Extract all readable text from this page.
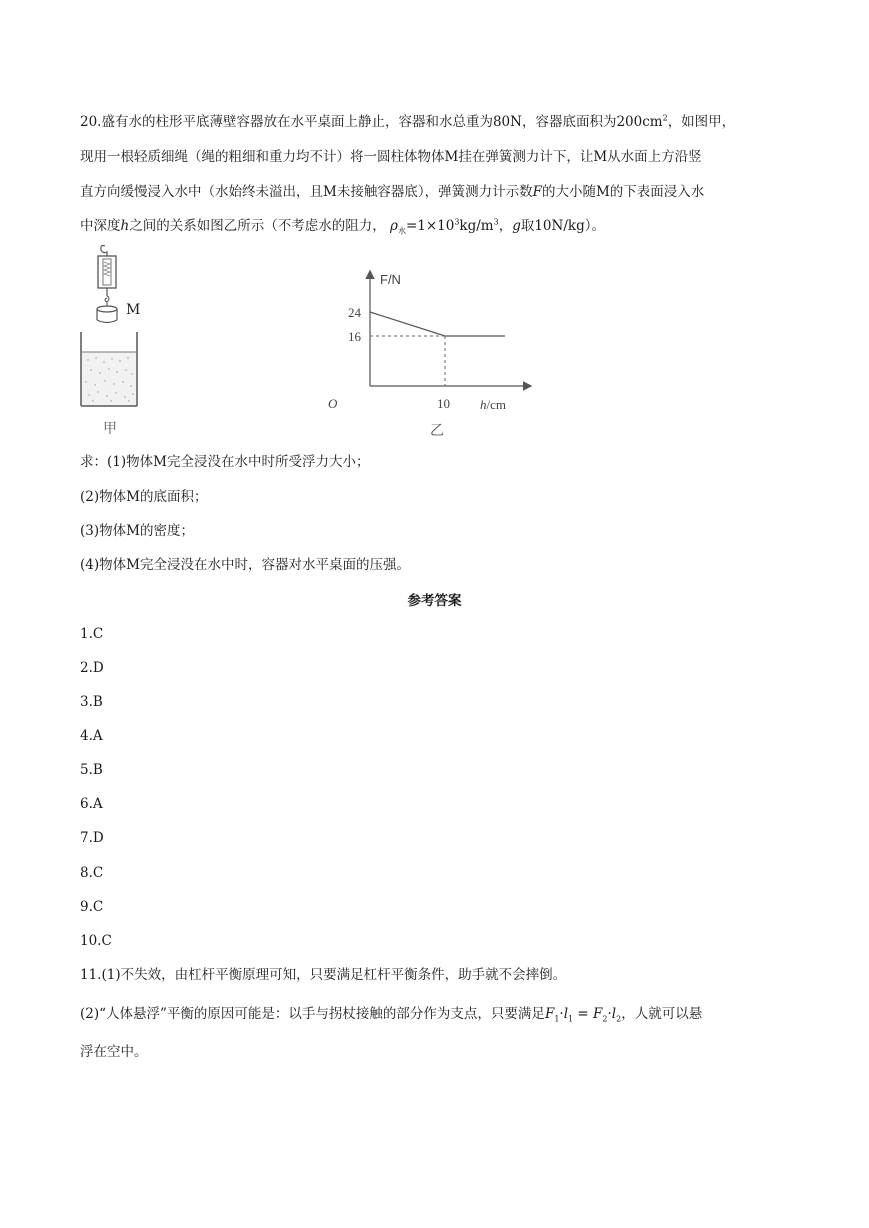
20.盛有水的柱形平底薄壁容器放在水平桌面上静止，容器和水总重为80N，容器底面积为$200cm^2$，如图甲，
现用一根轻质细绳（绳的粗细和重力均不计）将一圆柱体物体M挂在弹簧测力计下，让M从水面上方沿竖
直方向缓慢浸入水中（水始终未溢出，且M未接触容器底），弹簧测力计示数F的大小随M的下表面浸入水
中深度h之间的关系如图乙所示（不考虑水的阻力， $\rho_水=1\times 10^3kg/m^3$，g取10N/kg）。
M
甲
24
16
10
F/N
O	h/cm
乙
求：(1)物体M完全浸没在水中时所受浮力大小；
(2)物体M的底面积；
(3)物体M的密度；
(4)物体M完全浸没在水中时，容器对水平桌面的压强。
参考答案
1.C
2.D
3.B
4.A
5.B
6.A
7.D
8.C
9.C
10.C
11.(1)不失效，由杠杆平衡原理可知，只要满足杠杆平衡条件，助手就不会摔倒。
(2)“人体悬浮”平衡的原因可能是：以手与拐杖接触的部分作为支点，只要满足$F_1\cdot l_1 = F_2\cdot l_2$，人就可以悬
浮在空中。
